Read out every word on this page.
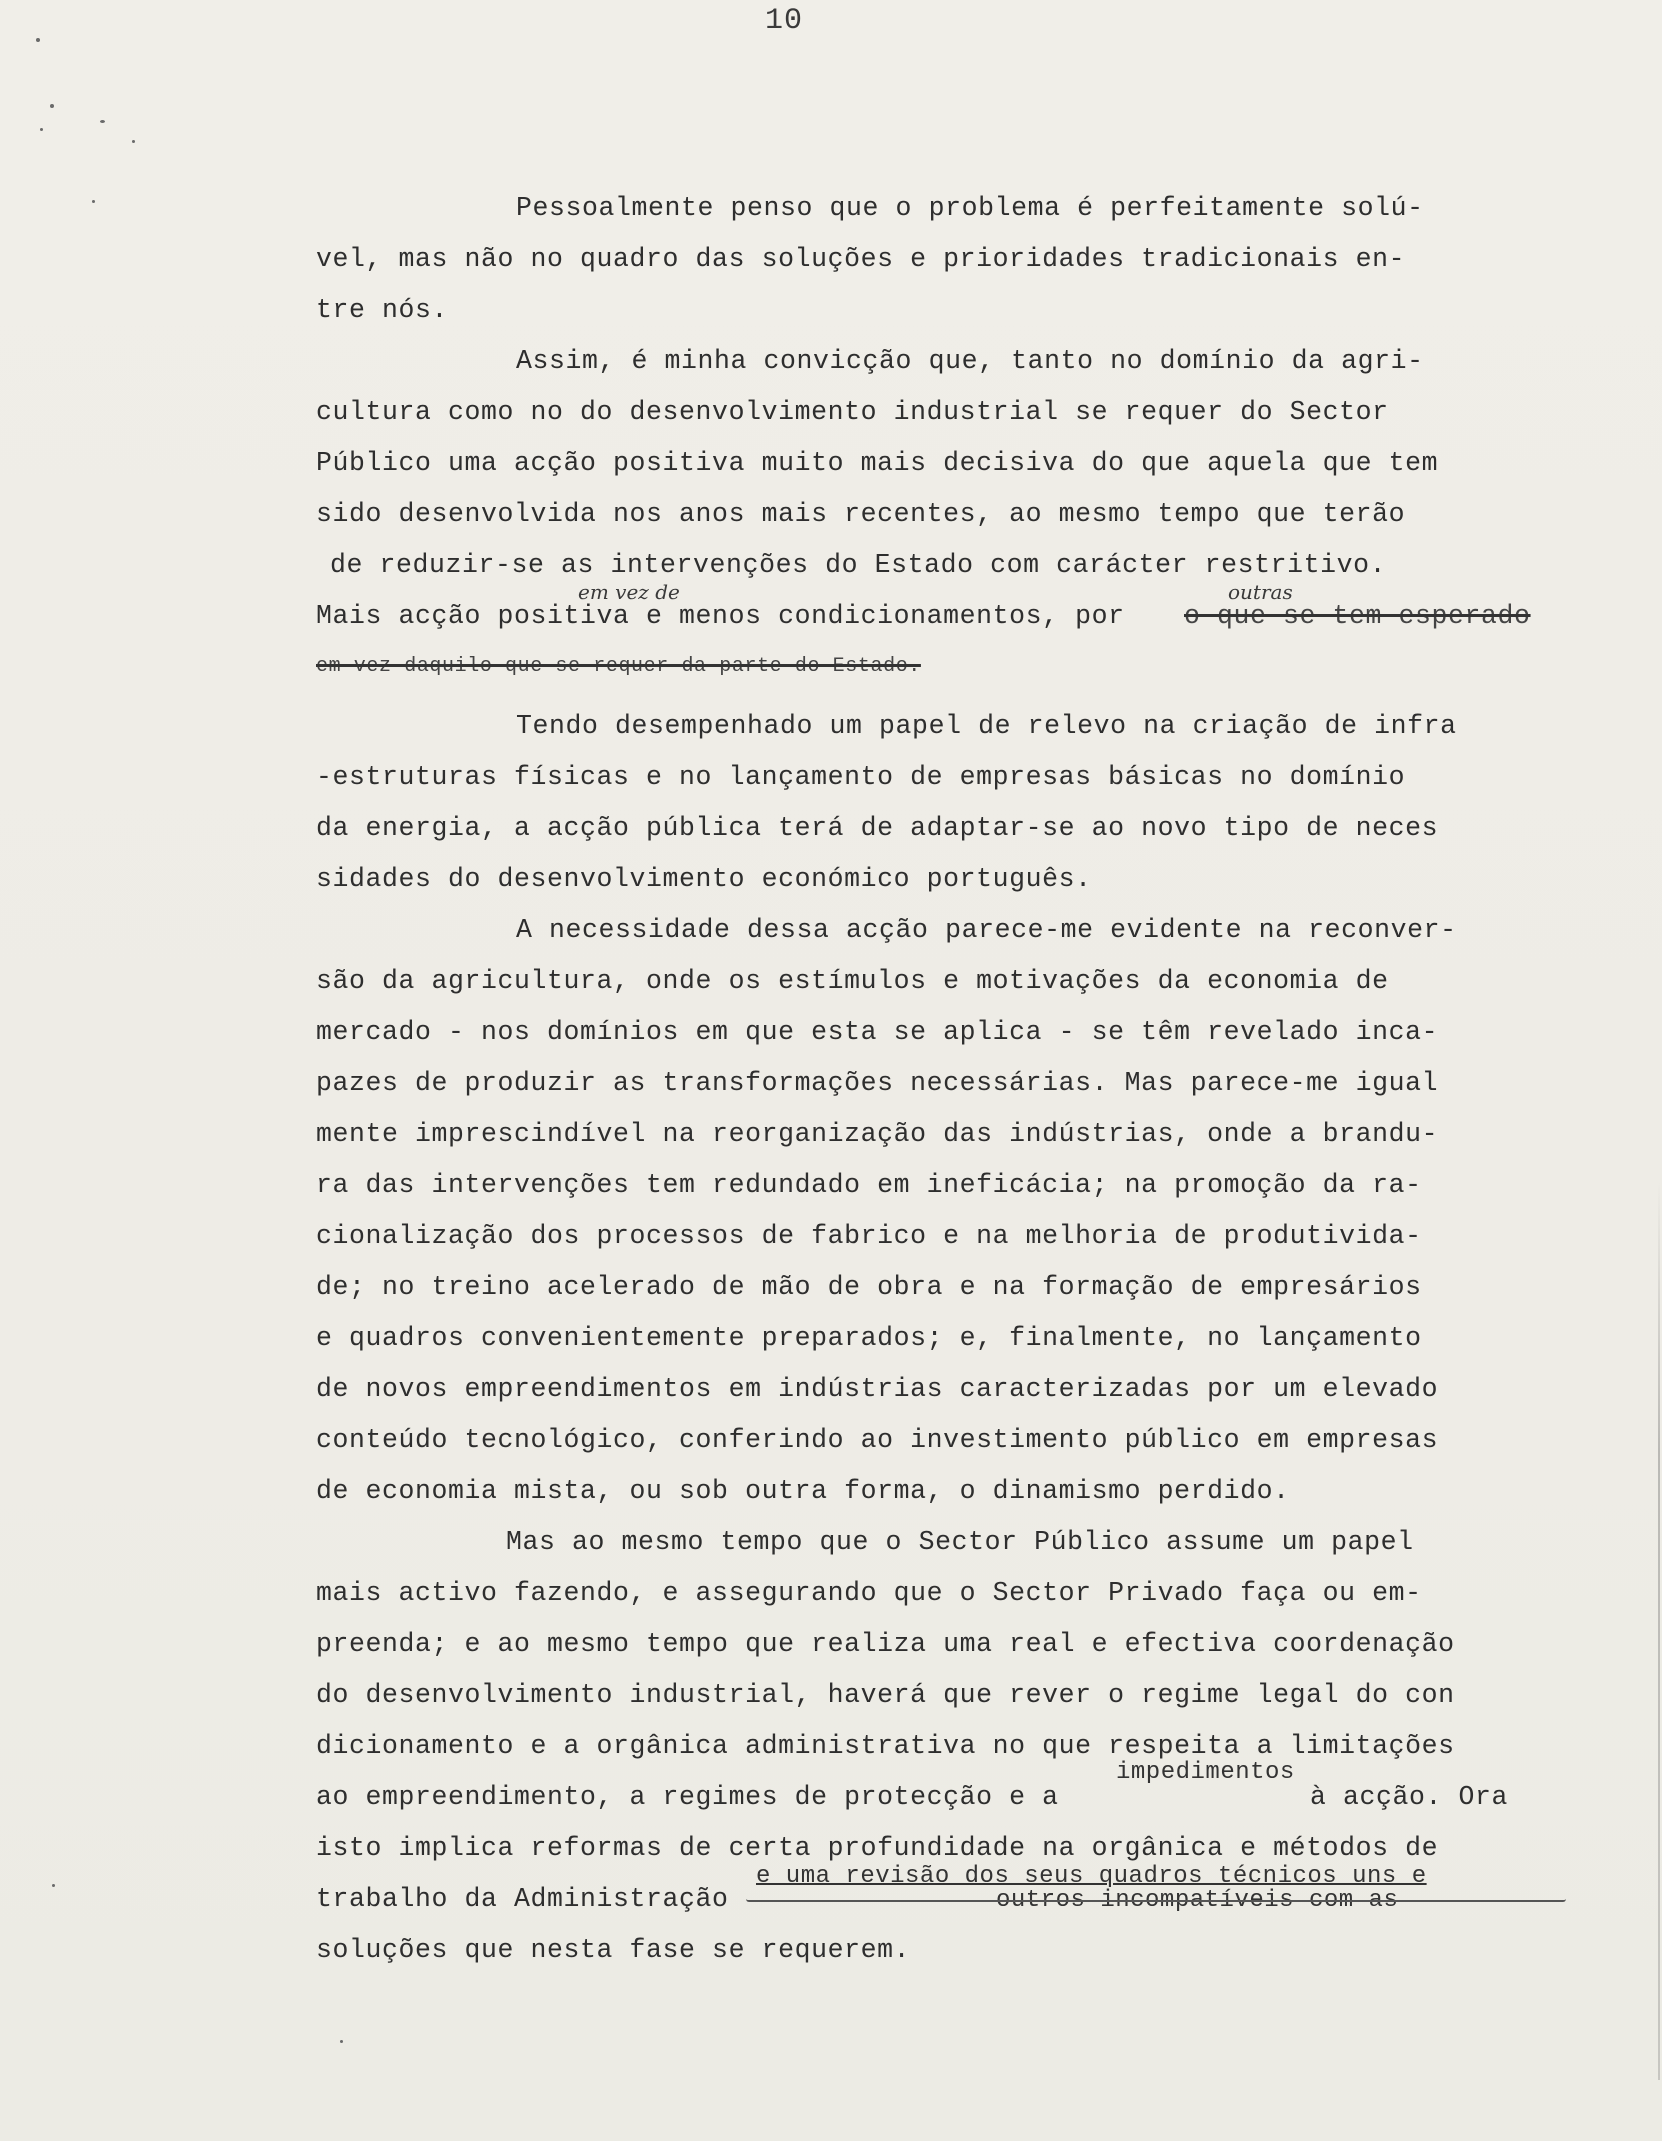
10
Pessoalmente penso que o problema é perfeitamente solú-
vel, mas não no quadro das soluções e prioridades tradicionais en-
tre nós.
Assim, é minha convicção que, tanto no domínio da agri-
cultura como no do desenvolvimento industrial se requer do Sector
Público uma acção positiva muito mais decisiva do que aquela que tem
sido desenvolvida nos anos mais recentes, ao mesmo tempo que terão
de reduzir-se as intervenções do Estado com carácter restritivo.
em vez de	outras
Mais acção positiva e menos condicionamentos, por o que se tem esperado
em vez daquilo que se requer da parte do Estado.
Tendo desempenhado um papel de relevo na criação de infra
-estruturas físicas e no lançamento de empresas básicas no domínio
da energia, a acção pública terá de adaptar-se ao novo tipo de neces
sidades do desenvolvimento económico português.
A necessidade dessa acção parece-me evidente na reconver-
são da agricultura, onde os estímulos e motivações da economia de
mercado - nos domínios em que esta se aplica - se têm revelado inca-
pazes de produzir as transformações necessárias. Mas parece-me igual
mente imprescindível na reorganização das indústrias, onde a brandu-
ra das intervenções tem redundado em ineficácia; na promoção da ra-
cionalização dos processos de fabrico e na melhoria de produtivida-
de; no treino acelerado de mão de obra e na formação de empresários
e quadros convenientemente preparados; e, finalmente, no lançamento
de novos empreendimentos em indústrias caracterizadas por um elevado
conteúdo tecnológico, conferindo ao investimento público em empresas
de economia mista, ou sob outra forma, o dinamismo perdido.
Mas ao mesmo tempo que o Sector Público assume um papel
mais activo fazendo, e assegurando que o Sector Privado faça ou em-
preenda; e ao mesmo tempo que realiza uma real e efectiva coordenação
do desenvolvimento industrial, haverá que rever o regime legal do con
dicionamento e a orgânica administrativa no que respeita a limitações
impedimentos
ao empreendimento, a regimes de protecção e a	à acção. Ora
isto implica reformas de certa profundidade na orgânica e métodos de
e uma revisão dos seus quadros técnicos uns e
trabalho da Administração	outros incompatíveis com as
soluções que nesta fase se requerem.
